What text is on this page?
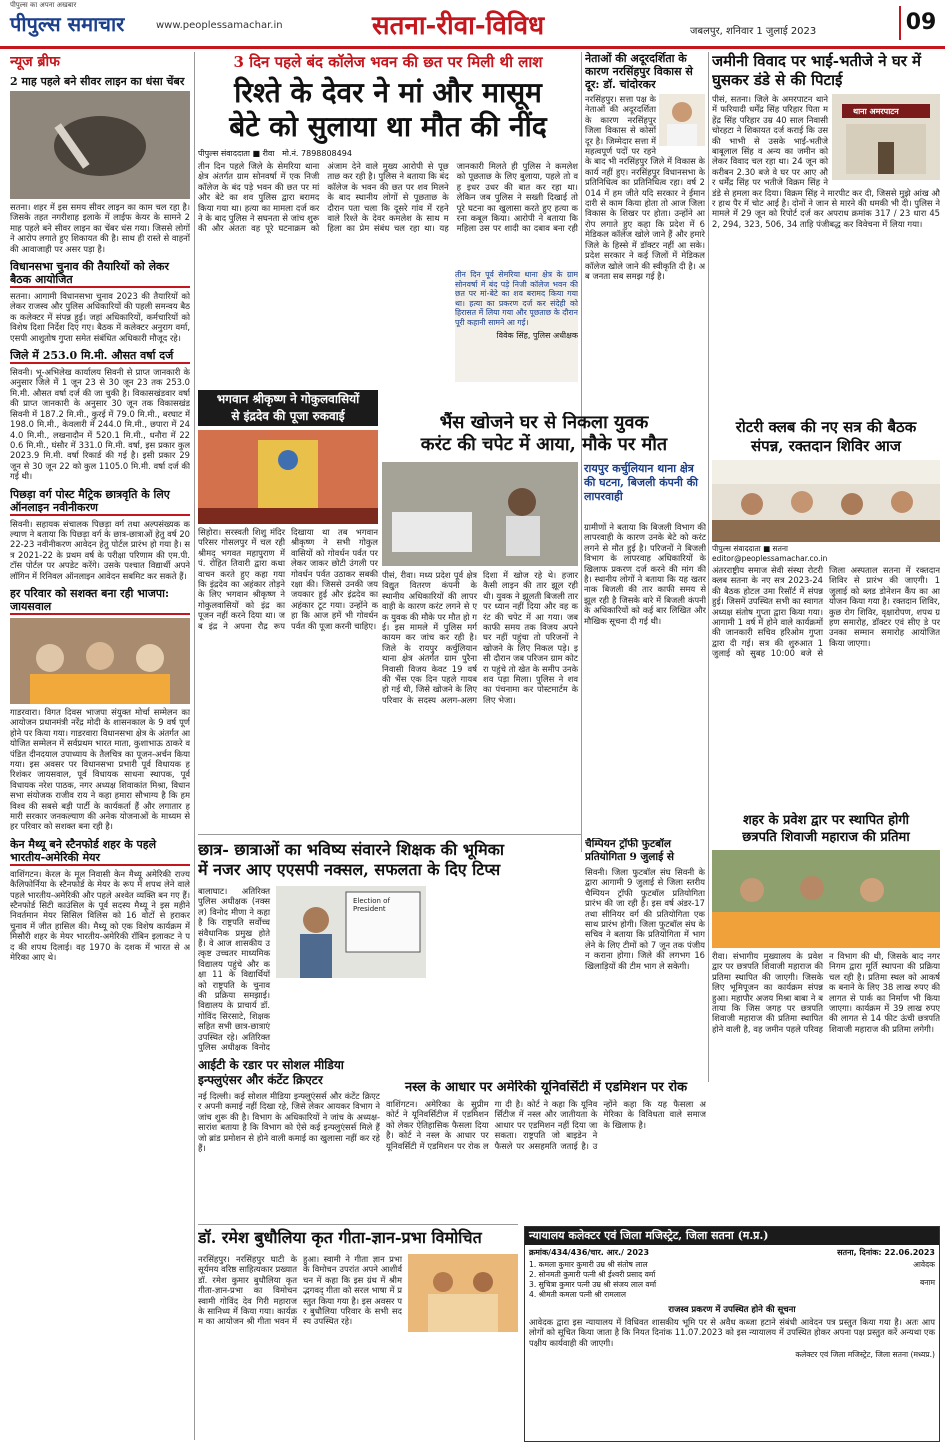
पीपुल्स का अपना अखबार
पीपुल्स समाचार	www.peoplessamachar.in	सतना-रीवा-विविध	जबलपुर, शनिवार 1 जुलाई 2023	09
न्यूज ब्रीफ
2 माह पहले बने सीवर लाइन का धंसा चेंबर
सतना। शहर में इस समय सीवर लाइन का काम चल रहा है। जिसके तहत नगरीशाह इलाके में लाईफ केयर के सामने 2 माह पहले बने सीवर लाइन का चेंबर धंस गया। जिससे लोगों ने आरोप लगाते हुए शिकायत की है। साथ ही रास्ते से वाहनों की आवाजाही पर असर पड़ा है।
विधानसभा चुनाव की तैयारियों को लेकर बैठक आयोजित
सतना। आगामी विधानसभा चुनाव 2023 की तैयारियों को लेकर राजस्व और पुलिस अधिकारियों की पहली समन्वय बैठक कलेक्टर में संपन्न हुई। जहां अधिकारियों, कर्मचारियों को विशेष दिशा निर्देश दिए गए। बैठक में कलेक्टर अनुराग वर्मा, एसपी आशुतोष गुप्ता समेत संबंधित अधिकारी मौजूद रहे।
जिले में 253.0 मि.मी. औसत वर्षा दर्ज
सिवनी। भू-अभिलेख कार्यालय सिवनी से प्राप्त जानकारी के अनुसार जिले में 1 जून 23 से 30 जून 23 तक 253.0 मि.मी. औसत वर्षा दर्ज की जा चुकी है। विकासखंडवार वर्षा की प्राप्त जानकारी के अनुसार 30 जून तक विकासखंड सिवनी में 187.2 मि.मी., कुरई में 79.0 मि.मी., बरघाट में 198.0 मि.मी., केवलारी में 244.0 मि.मी., छपारा में 244.0 मि.मी., लखनादौन में 520.1 मि.मी., धनौरा में 220.6 मि.मी., घंसौर में 331.0 मि.मी. वर्षा, इस प्रकार कुल 2023.9 मि.मी. वर्षा रिकार्ड की गई है। इसी प्रकार 29 जून से 30 जून 22 को कुल 1105.0 मि.मी. वर्षा दर्ज की गई थी।
पिछड़ा वर्ग पोस्ट मैट्रिक छात्रवृति के लिए ऑनलाइन नवीनीकरण
सिवनी। सहायक संचालक पिछड़ा वर्ग तथा अल्पसंख्यक कल्याण ने बताया कि पिछड़ा वर्ग के छात्र-छात्राओं हेतु वर्ष 2022-23 नवीनीकरण आवेदन हेतु पोर्टल प्रारंभ हो गया है। सत्र 2021-22 के प्रथम वर्ष के परीक्षा परिणाम की एम.पी. टॉस पोर्टल पर अपडेट करेंगे। उसके पश्चात विद्यार्थी अपने लॉगिन में रिनिवल ऑनलाइन आवेदन सबमिट कर सकते हैं।
हर परिवार को सशक्त बना रही भाजपा: जायसवाल
गाडरवारा। विगत दिवस भाजपा संयुक्त मोर्चा सम्मेलन का आयोजन प्रधानमंत्री नरेंद्र मोदी के शासनकाल के 9 वर्ष पूर्ण होने पर किया गया। गाडरवारा विधानसभा क्षेत्र के अंतर्गत आयोजित सम्मेलन में सर्वप्रथम भारत माता, कुशाभाऊ ठाकरे व पंडित दीनदयाल उपाध्याय के तैलचित्र का पूजन-अर्चन किया गया। इस अवसर पर विधानसभा प्रभारी पूर्व विधायक हरिशंकर जायसवाल, पूर्व विधायक साधना स्थापक, पूर्व विधायक नरेश पाठक, नगर अध्यक्ष शिवाकांत मिश्रा, विधानसभा संयोजक राजीव राय ने कहा हमारा सौभाग्य है कि हम विश्व की सबसे बड़ी पार्टी के कार्यकर्ता हैं और लगातार हमारी सरकार जनकल्याण की अनेक योजनाओं के माध्यम से हर परिवार को सशक्त बना रही है।
केन मैथ्यू बने स्टैनफोर्ड शहर के पहले भारतीय-अमेरिकी मेयर
वाशिंगटन। केरल के मूल निवासी केन मैथ्यू अमेरिकी राज्य कैलिफोर्निया के स्टैनफोर्ड के मेयर के रूप में शपथ लेने वाले पहले भारतीय-अमेरिकी और पहले अश्वेत व्यक्ति बन गए हैं। स्टैनफोर्ड सिटी काउंसिल के पूर्व सदस्य मैथ्यू ने इस महीने निवर्तमान मेयर सिसिल विलिस को 16 वोटों से हराकर चुनाव में जीत हासिल की। मैथ्यू को एक विशेष कार्यक्रम में मिसौरी शहर के मेयर भारतीय-अमेरिकी रॉबिन इलाकट ने पद की शपथ दिलाई। वह 1970 के दशक में भारत से अमेरिका आए थे।
3 दिन पहले बंद कॉलेज भवन की छत पर मिली थी लाश
रिश्ते के देवर ने मां और मासूम
बेटे को सुलाया था मौत की नींद
पीपुल्स संवाददाता ■ रीवा मो.नं. 7898808494
तीन दिन पहले जिले के सेमरिया थाना क्षेत्र अंतर्गत ग्राम सोनवर्षा में एक निजी कॉलेज के बंद पड़े भवन की छत पर मां और बेटे का शव पुलिस द्वारा बरामद किया गया था। हत्या का मामला दर्ज करने के बाद पुलिस ने सघनता से जांच शुरू की और अंततः वह पूरे घटनाक्रम को अंजाम देने वाले मुख्य आरोपी से पूछताछ कर रही है। पुलिस ने बताया कि बंद कॉलेज के भवन की छत पर शव मिलने के बाद स्थानीय लोगों से पूछताछ के दौरान पता चला कि दूसरे गांव में रहने वाले रिश्ते के देवर कमलेश के साथ महिला का प्रेम संबंध चल रहा था। यह जानकारी मिलते ही पुलिस ने कमलेश को पूछताछ के लिए बुलाया, पहले तो वह इधर उधर की बात कर रहा था। लेकिन जब पुलिस ने सख्ती दिखाई तो पूरे घटना का खुलासा करते हुए हत्या करना कबूल किया। आरोपी ने बताया कि महिला उस पर शादी का दबाव बना रही
तीन दिन पूर्व सेमरिया थाना क्षेत्र के ग्राम सोनवर्षा में बंद पड़े निजी कॉलेज भवन की छत पर मां-बेटे का शव बरामद किया गया था। हत्या का प्रकरण दर्ज कर संदेही को हिरासत में लिया गया और पूछताछ के दौरान पूरी कहानी सामने आ गई।
विवेक सिंह, पुलिस अधीक्षक
नेताओं की अदूरदर्शिता के कारण नरसिंहपुर विकास से दूर: डॉ. चांदोरकर
नरसिंहपुर। सत्ता पक्ष के नेताओं की अदूरदर्शिता के कारण नरसिंहपुर जिला विकास से कोसों दूर है। जिम्मेदार सत्ता में महत्वपूर्ण पदों पर रहने के बाद भी नरसिंहपुर जिले में विकास के कार्य नहीं हुए। नरसिंहपुर विधानसभा के प्रतिनिधित्व का प्रतिनिधित्व रहा। वर्ष 2014 में हम जीते यदि सरकार ने ईमानदारी से काम किया होता तो आज जिला विकास के शिखर पर होता। उन्होंने आरोप लगाते हुए कहा कि प्रदेश में 6 मेडिकल कॉलेज खोले जाने हैं और हमारे जिले के हिस्से में डॉक्टर नहीं आ सके। प्रदेश सरकार ने कई जिलों में मेडिकल कॉलेज खोले जाने की स्वीकृति दी है। अब जनता सब समझ गई है।
जमीनी विवाद पर भाई-भतीजे ने घर में घुसकर डंडे से की पिटाई
थाना अमरपाटन
पीसं, सतना। जिले के अमरपाटन थाने में फरियादी धर्मेंद्र सिंह परिहार पिता महेंद्र सिंह परिहार उम्र 40 साल निवासी चोरहटा ने शिकायत दर्ज कराई कि उसकी भाभी से उसके भाई-भतीजे बाबूलाल सिंह व अन्य का जमीन को लेकर विवाद चल रहा था। 24 जून को करीबन 2.30 बजे वे घर पर आए और धर्मेंद्र सिंह पर भतीजे विक्रम सिंह ने डंडे से हमला कर दिया। विक्रम सिंह ने मारपीट कर दी, जिससे मुझे आंख और हाथ पैर में चोट आई है। दोनों ने जान से मारने की धमकी भी दी। पुलिस ने मामले में 29 जून को रिपोर्ट दर्ज कर अपराध क्रमांक 317 / 23 धारा 452, 294, 323, 506, 34 ताहि पंजीबद्ध कर विवेचना में लिया गया।
रोटरी क्लब की नए सत्र की बैठक
संपन्न, रक्तदान शिविर आज
पीपुल्स संवाददाता ■ सतना
editor@peoplessamachar.co.in
अंतरराष्ट्रीय समाज सेवी संस्था रोटरी क्लब सतना के नए सत्र 2023-24 की बैठक होटल उमा रिसॉर्ट में संपन्न हुई। जिसमें उपस्थित सभी का स्वागत अध्यक्ष संतोष गुप्ता द्वारा किया गया। आगामी 1 वर्ष में होने वाले कार्यक्रमों की जानकारी सचिव हरिओम गुप्ता द्वारा दी गई। सत्र की शुरुआत 1 जुलाई को सुबह 10:00 बजे से जिला अस्पताल सतना में रक्तदान शिविर से प्रारंभ की जाएगी। 1 जुलाई को ब्लड डोनेशन कैंप का आयोजन किया गया है। रक्तदान शिविर, कुछ रोग शिविर, वृक्षारोपण, शपथ ग्रहण समारोह, डॉक्टर एवं सीए डे पर उनका सम्मान समारोह आयोजित किया जाएगा।
भगवान श्रीकृष्ण ने गोकुलवासियों
से इंद्रदेव की पूजा रुकवाई
सिहोरा। सरस्वती शिशु मंदिर परिसर गोसलपुर में चल रही श्रीमद् भगवत महापुराण में पं. रोहित तिवारी द्वारा कथा वाचन करते हुए कहा गया कि इंद्रदेव का अहंकार तोड़ने के लिए भगवान श्रीकृष्ण ने गोकुलवासियों को इंद्र का पूजन नहीं करने दिया था। जब इंद्र ने अपना रौद्र रूप दिखाया था तब भगवान श्रीकृष्ण ने सभी गोकुलवासियों को गोवर्धन पर्वत पर लेकर जाकर छोटी उंगली पर गोवर्धन पर्वत उठाकर सबकी रक्षा की। जिससे उनकी जय जयकार हुई और इंद्रदेव का अहंकार टूट गया। उन्होंने कहा कि आज हमें भी गोवर्धन पर्वत की पूजा करनी चाहिए।
भैंस खोजने घर से निकला युवक
करंट की चपेट में आया, मौके पर मौत
रायपुर कर्चुलियान थाना क्षेत्र की घटना, बिजली कंपनी की लापरवाही
ग्रामीणों ने बताया कि बिजली विभाग की लापरवाही के कारण उनके बेटे को करंट लगने से मौत हुई है। परिजनों ने बिजली विभाग के लापरवाह अधिकारियों के खिलाफ प्रकरण दर्ज करने की मांग की है। स्थानीय लोगों ने बताया कि यह खतरनाक बिजली की तार काफी समय से झूल रही है जिसके बारे में बिजली कंपनी के अधिकारियों को कई बार लिखित और मौखिक सूचना दी गई थी।
पीसं, रीवा। मध्य प्रदेश पूर्व क्षेत्र विद्युत वितरण कंपनी के स्थानीय अधिकारियों की लापरवाही के कारण करंट लगने से एक युवक की मौके पर मौत हो गई। इस मामले में पुलिस मर्ग कायम कर जांच कर रही है। जिले के रायपुर कर्चुलियान थाना क्षेत्र अंतर्गत ग्राम पुरैना निवासी विजय केवट 19 वर्ष की भैंस एक दिन पहले गायब हो गई थी, जिसे खोजने के लिए परिवार के सदस्य अलग-अलग दिशा में खोज रहे थे। हजार कैसी लाइन की तार झूल रही थी। युवक ने झूलती बिजली तार पर ध्यान नहीं दिया और वह करंट की चपेट में आ गया। जब काफी समय तक विजय अपने घर नहीं पहुंचा तो परिजनों ने खोजने के लिए निकल पड़े। इसी दौरान जब परिजन ग्राम कोटरा पहुंचे तो खेत के समीप उनके शव पड़ा मिला। पुलिस ने शव का पंचनामा कर पोस्टमार्टम के लिए भेजा।
चैम्पियन ट्रॉफी फुटबॉल प्रतियोगिता 9 जुलाई से
सिवनी। जिला फुटबॉल संघ सिवनी के द्वारा आगामी 9 जुलाई से जिला स्तरीय चैम्पियन ट्रॉफी फुटबॉल प्रतियोगिता प्रारंभ की जा रही है। इस वर्ष अंडर-17 तथा सीनियर वर्ग की प्रतियोगिता एक साथ प्रारंभ होगी। जिला फुटबॉल संघ के सचिव ने बताया कि प्रतियोगिता में भाग लेने के लिए टीमों को 7 जून तक पंजीयन कराना होगा। जिले की लगभग 16 खिलाड़ियों की टीम भाग ले सकेगी।
शहर के प्रवेश द्वार पर स्थापित होगी
छत्रपति शिवाजी महाराज की प्रतिमा
रीवा। संभागीय मुख्यालय के प्रवेश द्वार पर छत्रपति शिवाजी महाराज की प्रतिमा स्थापित की जाएगी। जिसके लिए भूमिपूजन का कार्यक्रम संपन्न हुआ। महापौर अजय मिश्रा बाबा ने बताया कि जिस जगह पर छत्रपति शिवाजी महाराज की प्रतिमा स्थापित होने वाली है, वह जमीन पहले परिवहन विभाग की थी, जिसके बाद नगर निगम द्वारा मूर्ति स्थापना की प्रक्रिया चल रही है। प्रतिमा स्थल को आकर्षक बनाने के लिए 38 लाख रुपए की लागत से पार्क का निर्माण भी किया जाएगा। कार्यक्रम में 39 लाख रुपए की लागत से 14 फीट ऊंची छत्रपति शिवाजी महाराज की प्रतिमा लगेगी।
छात्र- छात्राओं का भविष्य संवारने शिक्षक की भूमिका
में नजर आए एएसपी नक्सल, सफलता के दिए टिप्स
बालाघाट। अतिरिक्त पुलिस अधीक्षक (नक्सल) विनोद मीणा ने कहा है कि राष्ट्रपति सर्वोच्च संवैधानिक प्रमुख होते हैं। वे आज शासकीय उत्कृष्ट उच्चतर माध्यमिक विद्यालय पहुंचे और कक्षा 11 के विद्यार्थियों को राष्ट्रपति के चुनाव की प्रक्रिया समझाई। विद्यालय के प्राचार्य डॉ. गोविंद सिरसाटे, शिक्षक सहित सभी छात्र-छात्राएं उपस्थित रहे। अतिरिक्त पुलिस अधीक्षक विनोद
Election of President
आईटी के रडार पर सोशल मीडिया इन्फ्लुएंसर और कंटेंट क्रिएटर
नई दिल्ली। कई सोशल मीडिया इन्फ्लुएंसर्स और कंटेंट क्रिएटर अपनी कमाई नहीं दिखा रहे, जिसे लेकर आयकर विभाग ने जांच शुरू की है। विभाग के अधिकारियों ने जांच के अध्यक्ष-सारांश बताया है कि विभाग को ऐसे कई इन्फ्लुएंसर्स मिले हैं जो ब्रांड प्रमोशन से होने वाली कमाई का खुलासा नहीं कर रहे हैं।
नस्ल के आधार पर अमेरिकी यूनिवर्सिटी में एडमिशन पर रोक
वाशिंगटन। अमेरिका के सुप्रीम कोर्ट ने यूनिवर्सिटीज में एडमिशन को लेकर ऐतिहासिक फैसला दिया है। कोर्ट ने नस्ल के आधार पर यूनिवर्सिटी में एडमिशन पर रोक लगा दी है। कोर्ट ने कहा कि यूनिवर्सिटीज में नस्ल और जातीयता के आधार पर एडमिशन नहीं दिया जा सकता। राष्ट्रपति जो बाइडेन ने फैसले पर असहमति जताई है। उन्होंने कहा कि यह फैसला अमेरिका के विविधता वाले समाज के खिलाफ है।
डॉ. रमेश बुधौलिया कृत गीता-ज्ञान-प्रभा विमोचित
नरसिंहपुर। नरसिंहपुर घाटी के सूर्यमय वरिष्ठ साहित्यकार प्रख्यात डॉ. रमेश कुमार बुधौलिया कृत गीता-ज्ञान-प्रभा का विमोचन स्वामी गोविंद देव गिरी महाराज के सानिध्य में किया गया। कार्यक्रम का आयोजन श्री गीता भवन में हुआ। स्वामी ने गीता ज्ञान प्रभा के विमोचन उपरांत अपने आशीर्वचन में कहा कि इस ग्रंथ में श्रीमद्भगवद् गीता को सरल भाषा में प्रस्तुत किया गया है। इस अवसर पर बुधौलिया परिवार के सभी सदस्य उपस्थित रहे।
न्यायालय कलेक्टर एवं जिला मजिस्ट्रेट, जिला सतना (म.प्र.)
क्रमांक/434/436/चार. आर./ 2023	सतना, दिनांक: 22.06.2023
1. कमला कुमार कुमारी उम्र श्री संतोष लाल
2. सोनमती कुमारी पत्नी श्री ईश्वरी प्रसाद वर्मा
3. सुचित्रा कुमार पत्नी उम्र श्री संजय लाल वर्मा
4. श्रीमती कमला पत्नी श्री रामलाल
आवेदक
बनाम
राजस्व प्रकरण में उपस्थित होने की सूचना
आवेदक द्वारा इस न्यायालय में विधिवत शासकीय भूमि पर से अवैध कब्जा हटाने संबंधी आवेदन पत्र प्रस्तुत किया गया है। अतः आप लोगों को सूचित किया जाता है कि नियत दिनांक 11.07.2023 को इस न्यायालय में उपस्थित होकर अपना पक्ष प्रस्तुत करें अन्यथा एक पक्षीय कार्यवाही की जाएगी।
कलेक्टर एवं जिला मजिस्ट्रेट, जिला सतना (मध्यप्र.)
